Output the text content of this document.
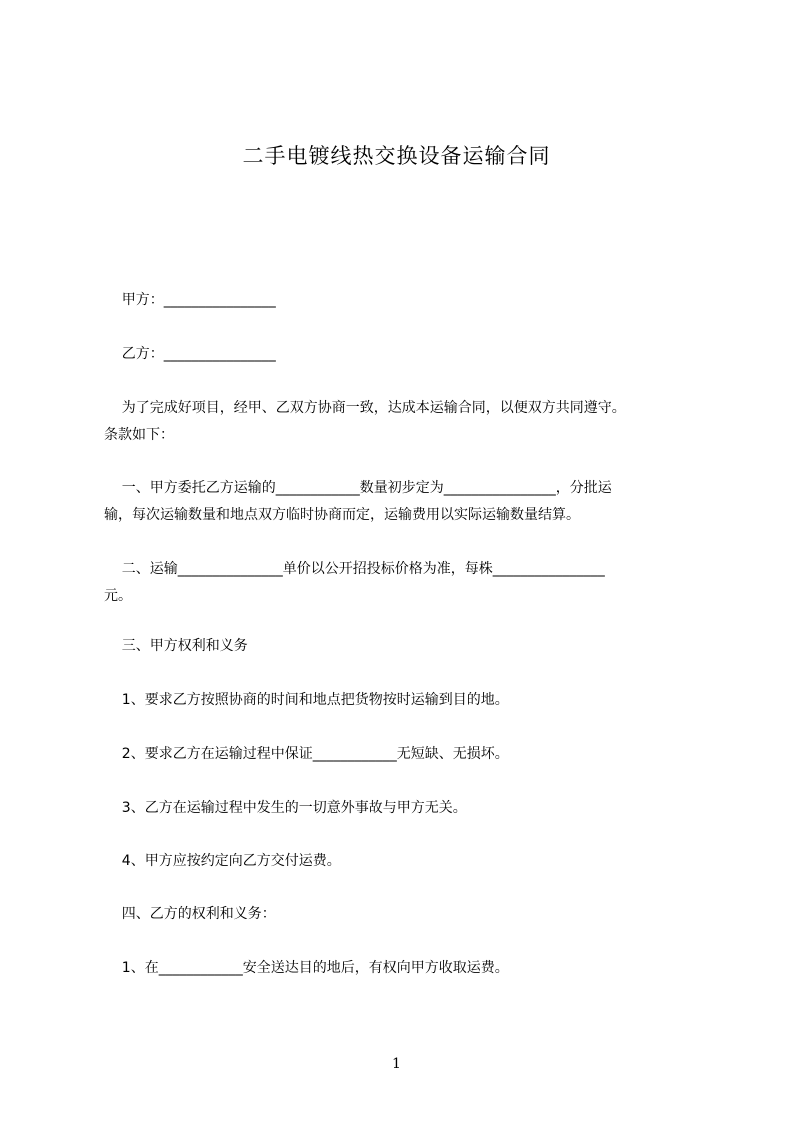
二手电镀线热交换设备运输合同
甲方：________________
乙方：________________
为了完成好项目，经甲、乙双方协商一致，达成本运输合同，以便双方共同遵守。
条款如下：
一、甲方委托乙方运输的____________数量初步定为________________，分批运
输，每次运输数量和地点双方临时协商而定，运输费用以实际运输数量结算。
二、运输_______________单价以公开招投标价格为准，每株________________
元。
三、甲方权利和义务
1、要求乙方按照协商的时间和地点把货物按时运输到目的地。
2、要求乙方在运输过程中保证____________无短缺、无损坏。
3、乙方在运输过程中发生的一切意外事故与甲方无关。
4、甲方应按约定向乙方交付运费。
四、乙方的权利和义务：
1、在____________安全送达目的地后，有权向甲方收取运费。
1
